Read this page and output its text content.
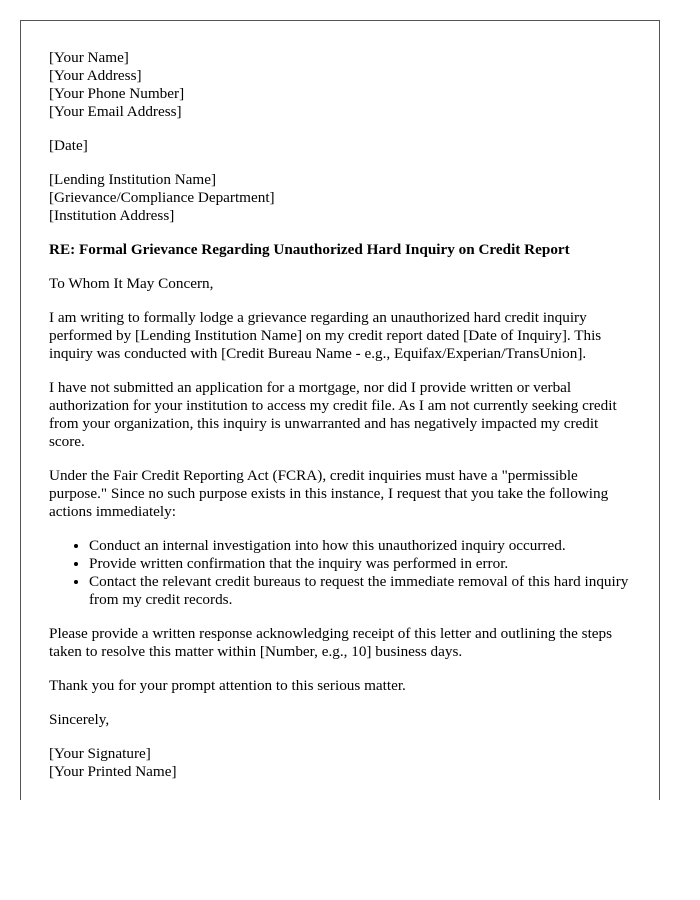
[Your Name]
[Your Address]
[Your Phone Number]
[Your Email Address]
[Date]
[Lending Institution Name]
[Grievance/Compliance Department]
[Institution Address]
RE: Formal Grievance Regarding Unauthorized Hard Inquiry on Credit Report

To Whom It May Concern,

I am writing to formally lodge a grievance regarding an unauthorized hard credit inquiry performed by [Lending Institution Name] on my credit report dated [Date of Inquiry]. This inquiry was conducted with [Credit Bureau Name - e.g., Equifax/Experian/TransUnion].

I have not submitted an application for a mortgage, nor did I provide written or verbal authorization for your institution to access my credit file. As I am not currently seeking credit from your organization, this inquiry is unwarranted and has negatively impacted my credit score.

Under the Fair Credit Reporting Act (FCRA), credit inquiries must have a "permissible purpose." Since no such purpose exists in this instance, I request that you take the following actions immediately:

• Conduct an internal investigation into how this unauthorized inquiry occurred.
• Provide written confirmation that the inquiry was performed in error.
• Contact the relevant credit bureaus to request the immediate removal of this hard inquiry from my credit records.

Please provide a written response acknowledging receipt of this letter and outlining the steps taken to resolve this matter within [Number, e.g., 10] business days.

Thank you for your prompt attention to this serious matter.

Sincerely,

[Your Signature]
[Your Printed Name]
